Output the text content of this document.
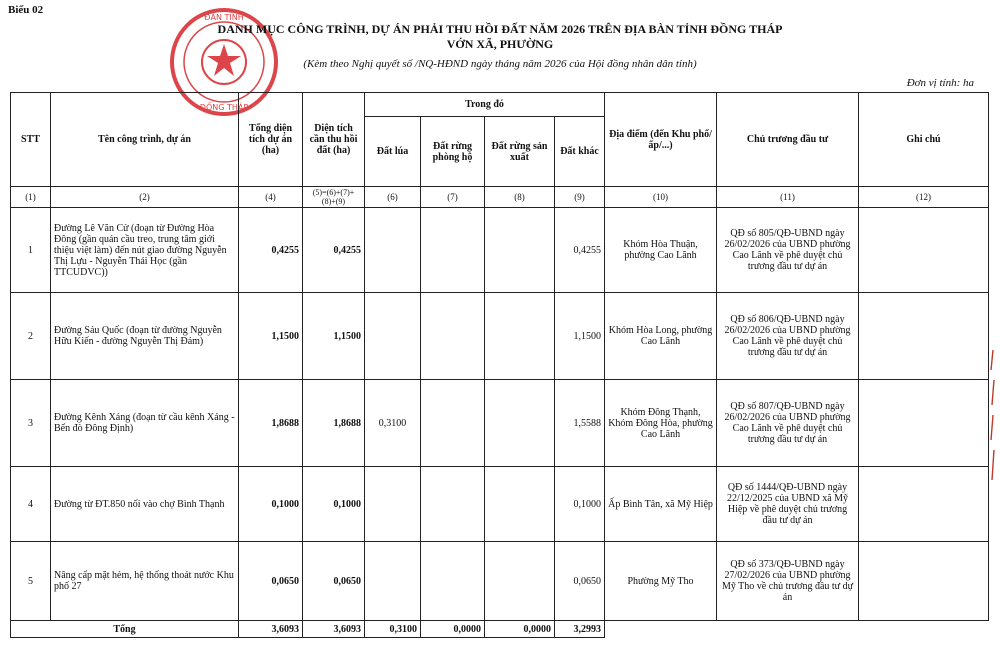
Biểu 02
ĐẤN TỈNH
ĐỒNG THÁP
DANH MỤC CÔNG TRÌNH, DỰ ÁN PHẢI THU HỒI ĐẤT NĂM 2026 TRÊN ĐỊA BÀN TỈNH ĐỒNG THÁP
VỚN XÃ, PHƯỜNG
(Kèm theo Nghị quyết số /NQ-HĐND ngày tháng năm 2026 của Hội đồng nhân dân tỉnh)
Đơn vị tính: ha
STT	Tên công trình, dự án	Tổng diện tích dự án (ha)	Diện tích cần thu hồi đất (ha)	Trong đó				Địa điểm (đến Khu phố/ấp/...)	Chủ trương đầu tư	Ghi chú
				Đất lúa	Đất rừng phòng hộ	Đất rừng sản xuất	Đất khác			
(1)	(2)	(4)	(5)=(6)+(7)+(8)+(9)	(6)	(7)	(8)	(9)	(10)	(11)	(12)
1	Đường Lê Văn Cử (đoạn từ Đường Hòa Đông (gần quán cầu treo, trung tâm giới thiệu việt làm) đến nút giao đường Nguyễn Thị Lựu - Nguyễn Thái Học (gần TTCUDVC))	0,4255	0,4255				0,4255	Khóm Hòa Thuận, phường Cao Lãnh	QĐ số 805/QĐ-UBND ngày 26/02/2026 của UBND phường Cao Lãnh về phê duyệt chủ trương đầu tư dự án	
2	Đường Sáu Quốc (đoạn từ đường Nguyễn Hữu Kiến - đường Nguyễn Thị Đảm)	1,1500	1,1500				1,1500	Khóm Hòa Long, phường Cao Lãnh	QĐ số 806/QĐ-UBND ngày 26/02/2026 của UBND phường Cao Lãnh về phê duyệt chủ trương đầu tư dự án	
3	Đường Kênh Xáng (đoạn từ cầu kênh Xáng - Bến đò Đông Định)	1,8688	1,8688	0,3100			1,5588	Khóm Đông Thạnh, Khóm Đông Hòa, phường Cao Lãnh	QĐ số 807/QĐ-UBND ngày 26/02/2026 của UBND phường Cao Lãnh về phê duyệt chủ trương đầu tư dự án	
4	Đường từ ĐT.850 nối vào chợ Bình Thạnh	0,1000	0,1000				0,1000	Ấp Bình Tân, xã Mỹ Hiệp	QĐ số 1444/QĐ-UBND ngày 22/12/2025 của UBND xã Mỹ Hiệp về phê duyệt chủ trương đầu tư dự án	
5	Nâng cấp mặt hẻm, hệ thống thoát nước Khu phố 27	0,0650	0,0650				0,0650	Phường Mỹ Tho	QĐ số 373/QĐ-UBND ngày 27/02/2026 của UBND phường Mỹ Tho về chủ trương đầu tư dự án	
Tổng		3,6093	3,6093	0,3100	0,0000	0,0000	3,2993			
